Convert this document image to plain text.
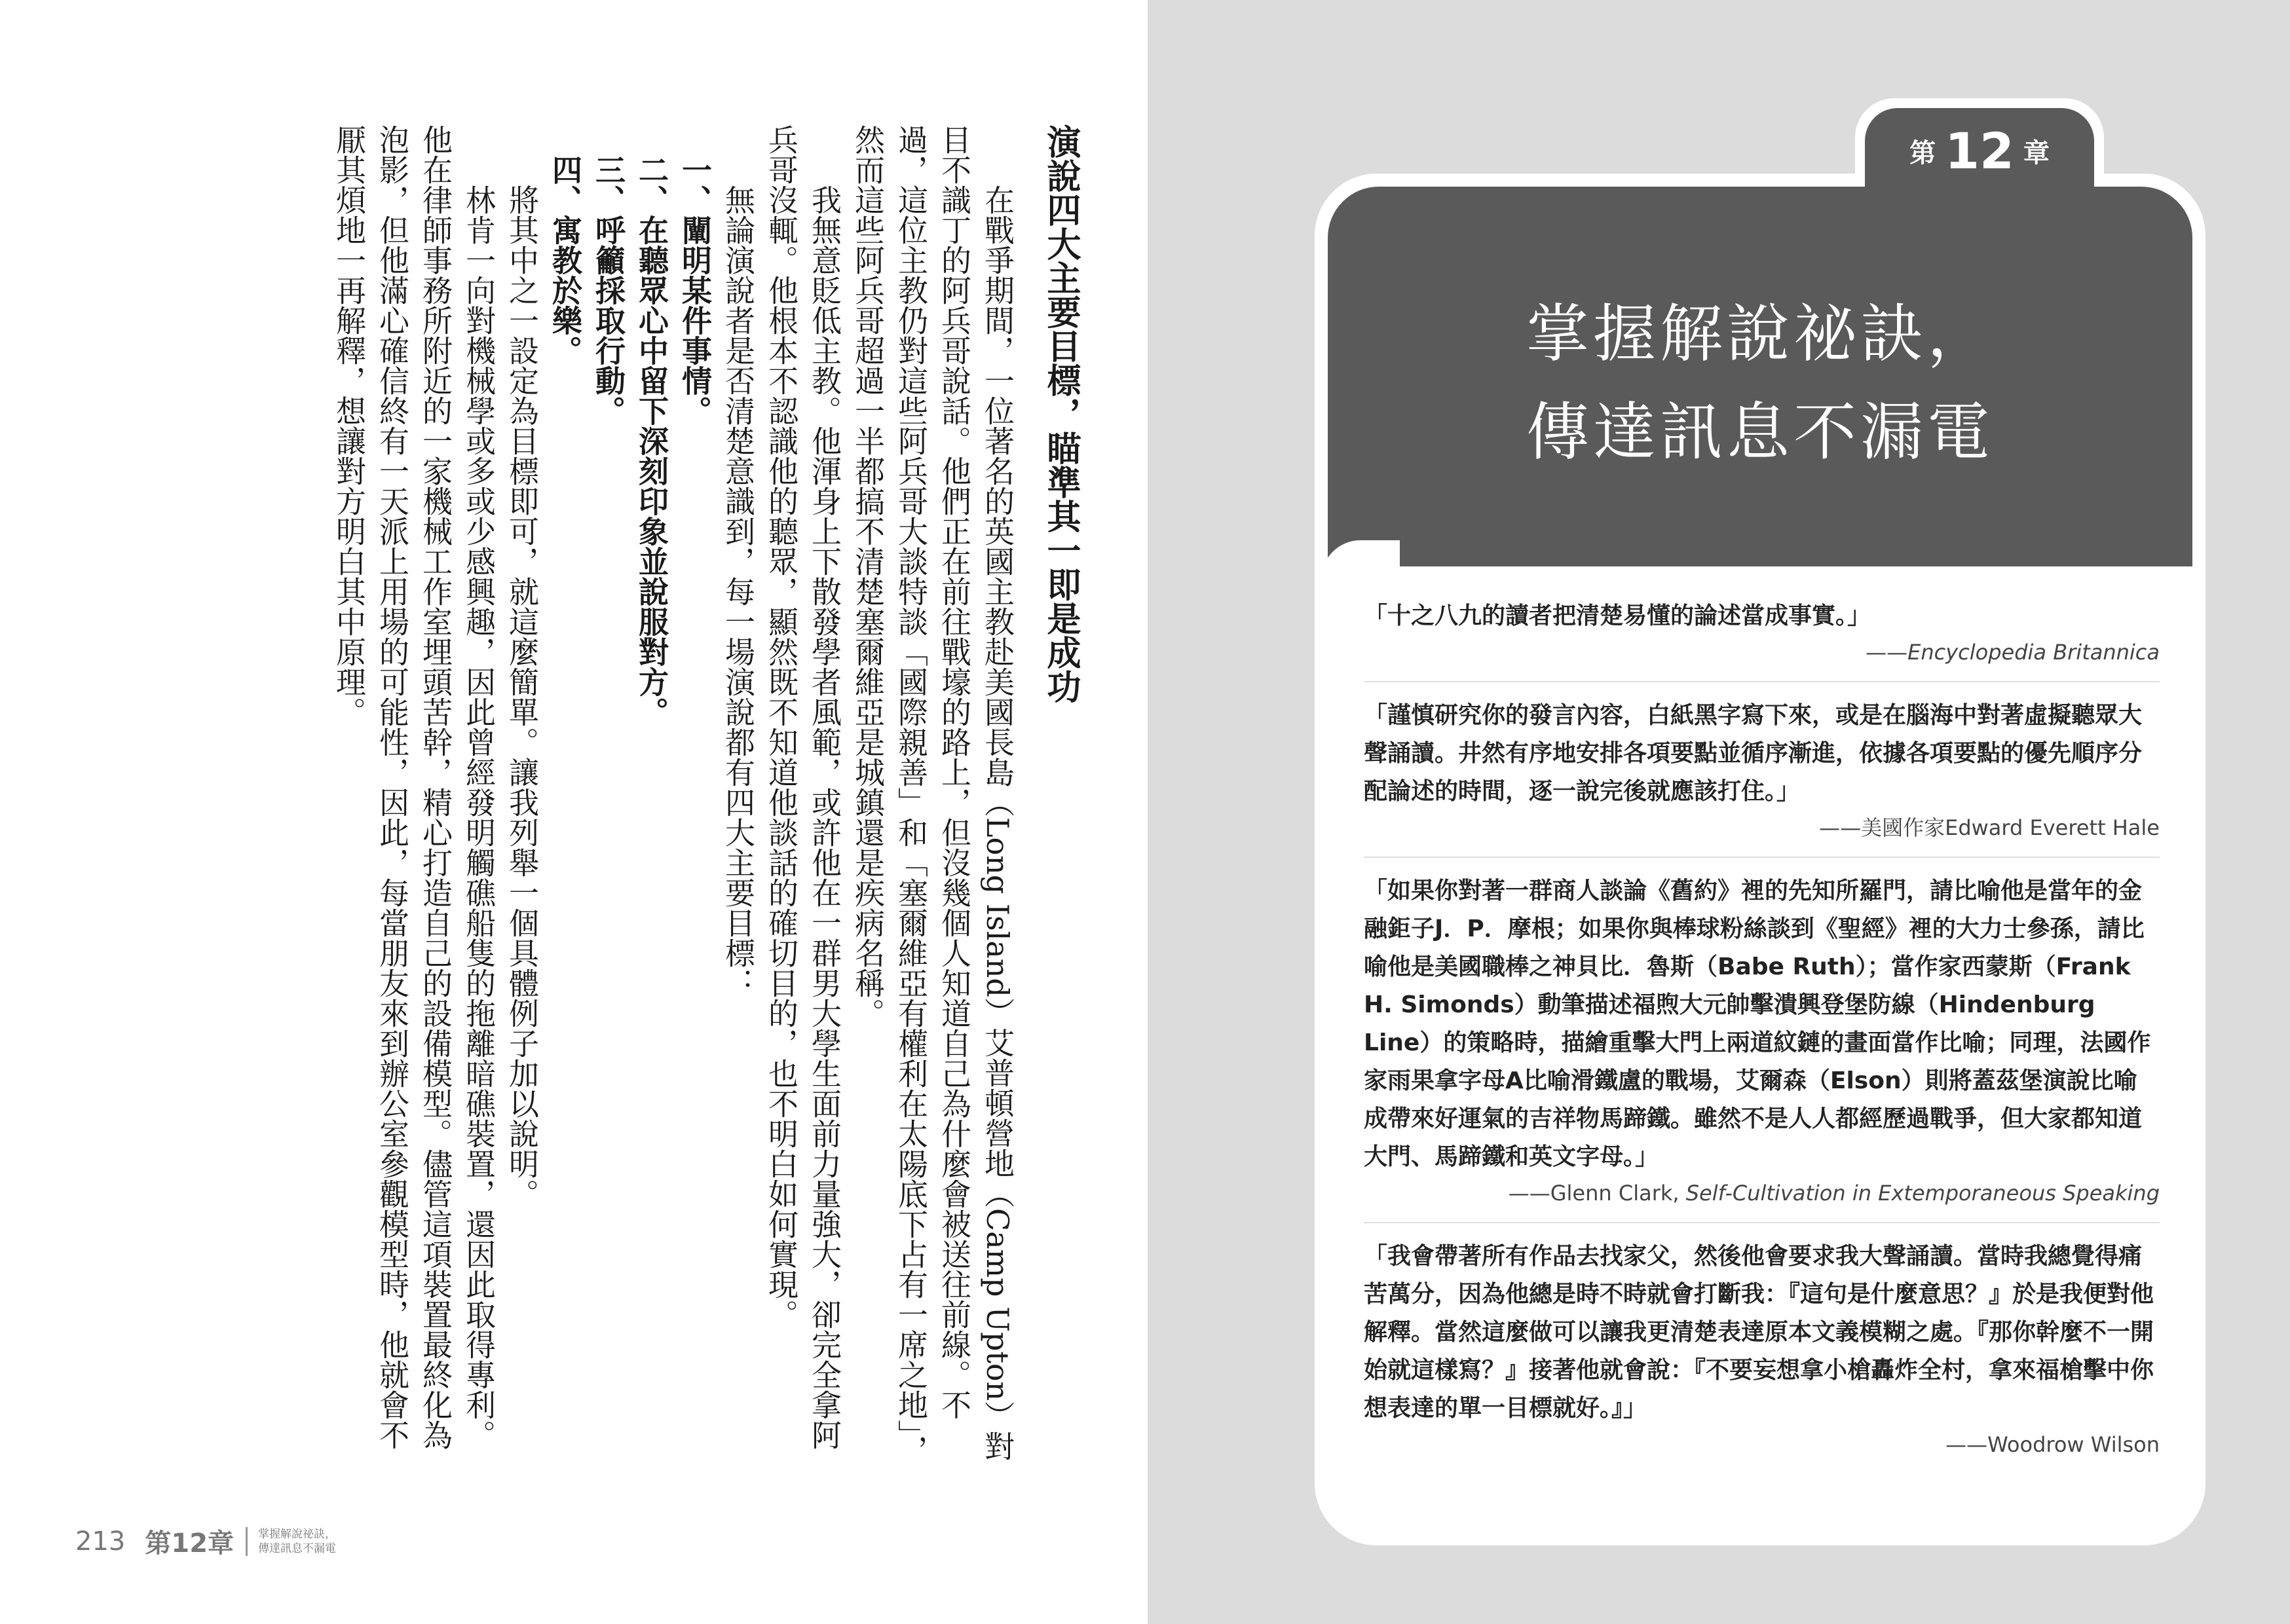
演說四大主要目標，瞄準其一即是成功

在戰爭期間，一位著名的英國主教赴美國長島（Long Island）艾普頓營地（Camp Upton）對目不識丁的阿兵哥說話。他們正在前往戰壕的路上，但沒幾個人知道自己為什麼會被送往前線。不過，這位主教仍對這些阿兵哥大談特談「國際親善」和「塞爾維亞有權利在太陽底下占有一席之地」，然而這些阿兵哥超過一半都搞不清楚塞爾維亞是城鎮還是疾病名稱。

我無意貶低主教。他渾身上下散發學者風範，或許他在一群男大學生面前力量強大，卻完全拿阿兵哥沒輒。他根本不認識他的聽眾，顯然既不知道他談話的確切目的，也不明白如何實現。

無論演說者是否清楚意識到，每一場演說都有四大主要目標：

一、闡明某件事情。

二、在聽眾心中留下深刻印象並說服對方。

三、呼籲採取行動。

四、寓教於樂。

將其中之一設定為目標即可，就這麼簡單。讓我列舉一個具體例子加以說明。

林肯一向對機械學或多或少感興趣，因此曾經發明觸礁船隻的拖離暗礁裝置，還因此取得專利。他在律師事務所附近的一家機械工作室埋頭苦幹，精心打造自己的設備模型。儘管這項裝置最終化為泡影，但他滿心確信終有一天派上用場的可能性，因此，每當朋友來到辦公室參觀模型時，他就會不厭其煩地一再解釋，想讓對方明白其中原理。

213 第12章 掌握解說祕訣，
傳達訊息不漏電
掌握解說祕訣，
傳達訊息不漏電
「十之八九的讀者把清楚易懂的論述當成事實。」
——Encyclopedia Britannica
「謹慎研究你的發言內容，白紙黑字寫下來，或是在腦海中對著虛擬聽眾大聲誦讀。井然有序地安排各項要點並循序漸進，依據各項要點的優先順序分配論述的時間，逐一說完後就應該打住。」
——美國作家Edward Everett Hale
「如果你對著一群商人談論《舊約》裡的先知所羅門，請比喻他是當年的金融鉅子J．P．摩根；如果你與棒球粉絲談到《聖經》裡的大力士參孫，請比喻他是美國職棒之神貝比．魯斯（Babe Ruth）；當作家西蒙斯（Frank H. Simonds）動筆描述福煦大元帥擊潰興登堡防線（Hindenburg Line）的策略時，描繪重擊大門上兩道紋鏈的畫面當作比喻；同理，法國作家雨果拿字母A比喻滑鐵盧的戰場，艾爾森（Elson）則將蓋茲堡演說比喻成帶來好運氣的吉祥物馬蹄鐵。雖然不是人人都經歷過戰爭，但大家都知道大門、馬蹄鐵和英文字母。」
——Glenn Clark, Self-Cultivation in Extemporaneous Speaking
「我會帶著所有作品去找家父，然後他會要求我大聲誦讀。當時我總覺得痛苦萬分，因為他總是時不時就會打斷我：『這句是什麼意思？』於是我便對他解釋。當然這麼做可以讓我更清楚表達原本文義模糊之處。『那你幹麼不一開始就這樣寫？』接著他就會說：『不要妄想拿小槍轟炸全村，拿來福槍擊中你想表達的單一目標就好。』」
——Woodrow Wilson
第 12 章
